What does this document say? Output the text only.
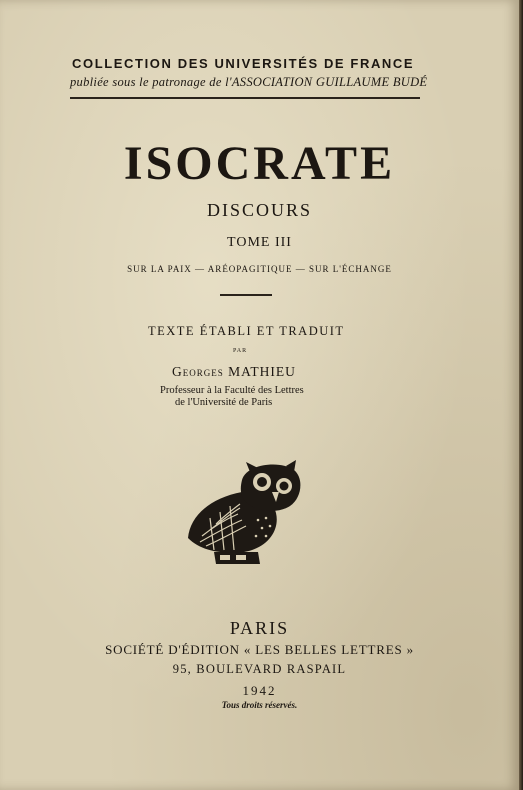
COLLECTION DES UNIVERSITÉS DE FRANCE
publiée sous le patronage de l'ASSOCIATION GUILLAUME BUDÉ
ISOCRATE
DISCOURS
TOME III
SUR LA PAIX — ARÉOPAGITIQUE — SUR L'ÉCHANGE
TEXTE ÉTABLI ET TRADUIT
PAR
Georges MATHIEU
Professeur à la Faculté des Lettres
de l'Université de Paris
PARIS
SOCIÉTÉ D'ÉDITION « LES BELLES LETTRES »
95, BOULEVARD RASPAIL
1942
Tous droits réservés.
